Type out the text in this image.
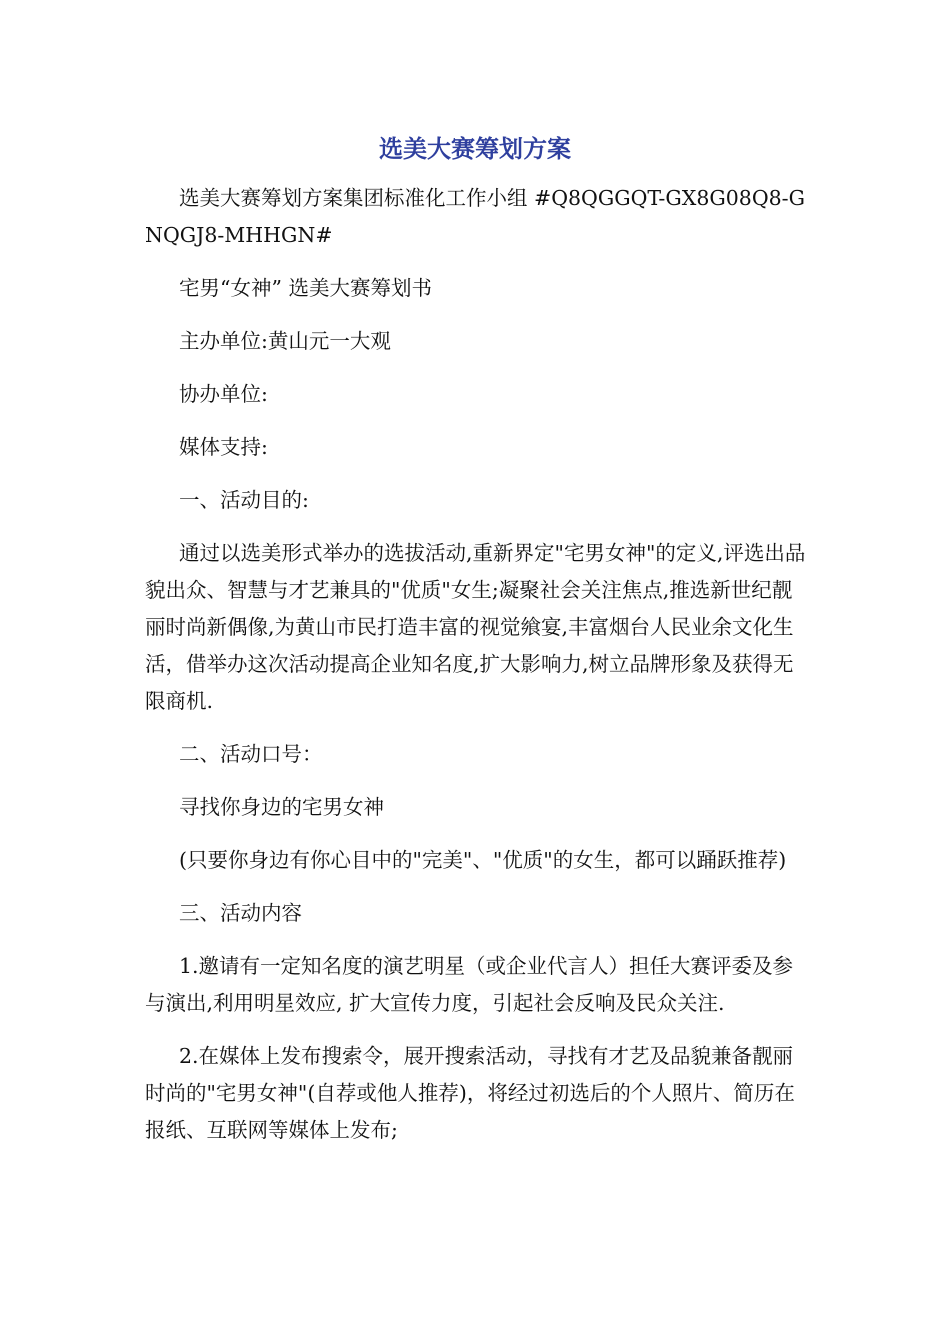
选美大赛筹划方案

选美大赛筹划方案集团标准化工作小组 #Q8QGGQT-GX8G08Q8-GNQGJ8-MHHGN#

宅男“女神” 选美大赛筹划书

主办单位:黄山元一大观

协办单位:

媒体支持:

一、活动目的:

通过以选美形式举办的选拔活动,重新界定"宅男女神"的定义,评选出品貌出众、智慧与才艺兼具的"优质"女生;凝聚社会关注焦点,推选新世纪靓丽时尚新偶像,为黄山市民打造丰富的视觉飨宴,丰富烟台人民业余文化生活，借举办这次活动提高企业知名度,扩大影响力,树立品牌形象及获得无限商机.

二、活动口号：

寻找你身边的宅男女神

(只要你身边有你心目中的"完美"、"优质"的女生，都可以踊跃推荐)

三、活动内容

1.邀请有一定知名度的演艺明星（或企业代言人）担任大赛评委及参与演出,利用明星效应, 扩大宣传力度，引起社会反响及民众关注.

2.在媒体上发布搜索令，展开搜索活动，寻找有才艺及品貌兼备靓丽时尚的"宅男女神"(自荐或他人推荐)，将经过初选后的个人照片、简历在报纸、互联网等媒体上发布;
